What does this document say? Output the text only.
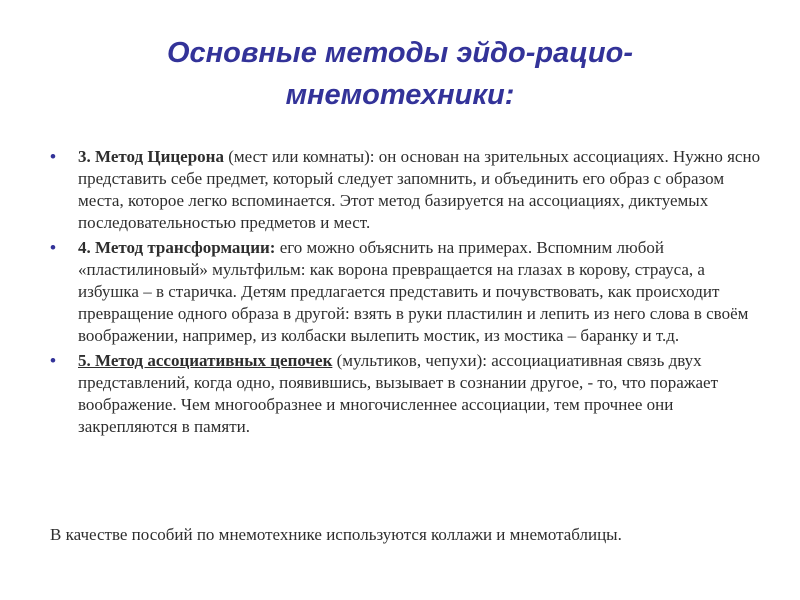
Основные методы эйдо-рацио-
мнемотехники:
• 3. Метод Цицерона (мест или комнаты): он основан на зрительных ассоциациях. Нужно ясно представить себе предмет, который следует запомнить, и объединить его образ с образом места, которое легко вспоминается. Этот метод базируется на ассоциациях, диктуемых последовательностью предметов и мест.
• 4. Метод трансформации: его можно объяснить на примерах. Вспомним любой «пластилиновый» мультфильм: как ворона превращается на глазах в корову, страуса, а избушка – в старичка. Детям предлагается представить и почувствовать, как происходит превращение одного образа в другой: взять в руки пластилин и лепить из него слова в своём воображении, например, из колбаски вылепить мостик, из мостика – баранку и т.д.
• 5. Метод ассоциативных цепочек (мультиков, чепухи): ассоциациативная связь двух представлений, когда одно, появившись, вызывает в сознании другое, - то, что поражает воображение. Чем многообразнее и многочисленнее ассоциации, тем прочнее они закрепляются в памяти.

В качестве пособий по мнемотехнике используются коллажи и мнемотаблицы.
